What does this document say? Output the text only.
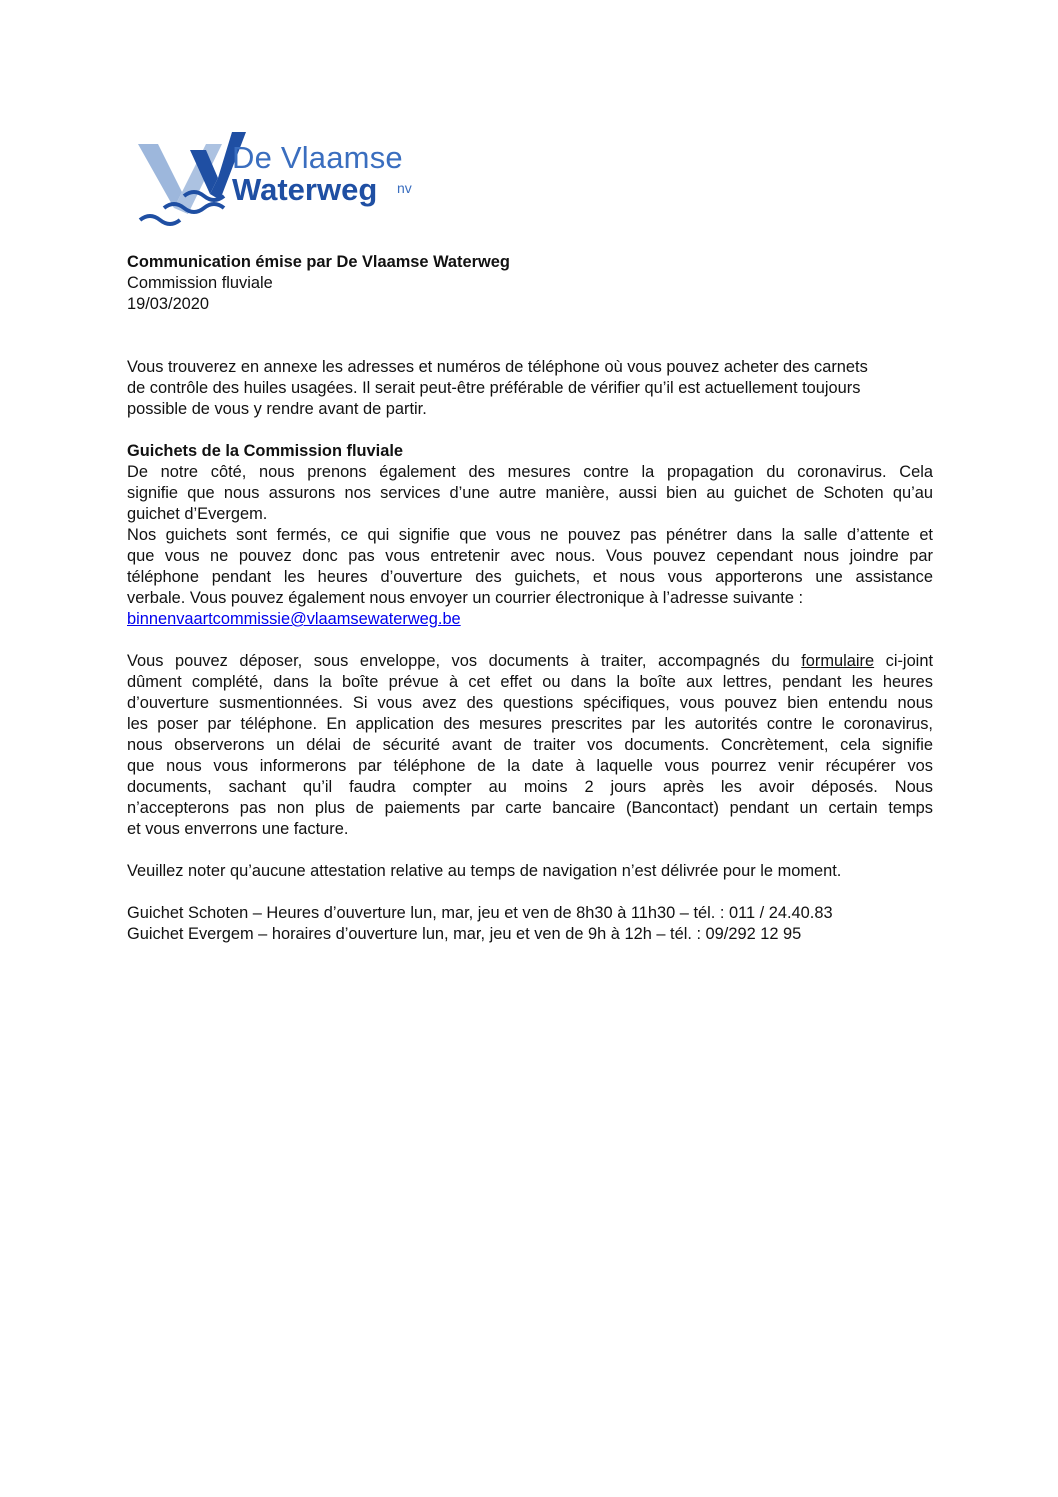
De Vlaamse
Waterweg nv
Communication émise par De Vlaamse Waterweg
Commission fluviale
19/03/2020
Vous trouverez en annexe les adresses et numéros de téléphone où vous pouvez acheter des carnets
de contrôle des huiles usagées. Il serait peut-être préférable de vérifier qu’il est actuellement toujours
possible de vous y rendre avant de partir.
Guichets de la Commission fluviale
De notre côté, nous prenons également des mesures contre la propagation du coronavirus. Cela
signifie que nous assurons nos services d’une autre manière, aussi bien au guichet de Schoten qu’au
guichet d’Evergem.
Nos guichets sont fermés, ce qui signifie que vous ne pouvez pas pénétrer dans la salle d’attente et
que vous ne pouvez donc pas vous entretenir avec nous. Vous pouvez cependant nous joindre par
téléphone pendant les heures d’ouverture des guichets, et nous vous apporterons une assistance
verbale. Vous pouvez également nous envoyer un courrier électronique à l’adresse suivante :
binnenvaartcommissie@vlaamsewaterweg.be
Vous pouvez déposer, sous enveloppe, vos documents à traiter, accompagnés du formulaire ci-joint
dûment complété, dans la boîte prévue à cet effet ou dans la boîte aux lettres, pendant les heures
d’ouverture susmentionnées. Si vous avez des questions spécifiques, vous pouvez bien entendu nous
les poser par téléphone. En application des mesures prescrites par les autorités contre le coronavirus,
nous observerons un délai de sécurité avant de traiter vos documents. Concrètement, cela signifie
que nous vous informerons par téléphone de la date à laquelle vous pourrez venir récupérer vos
documents, sachant qu’il faudra compter au moins 2 jours après les avoir déposés. Nous
n’accepterons pas non plus de paiements par carte bancaire (Bancontact) pendant un certain temps
et vous enverrons une facture.
Veuillez noter qu’aucune attestation relative au temps de navigation n’est délivrée pour le moment.
Guichet Schoten – Heures d’ouverture lun, mar, jeu et ven de 8h30 à 11h30 – tél. : 011 / 24.40.83
Guichet Evergem – horaires d’ouverture lun, mar, jeu et ven de 9h à 12h – tél. : 09/292 12 95
